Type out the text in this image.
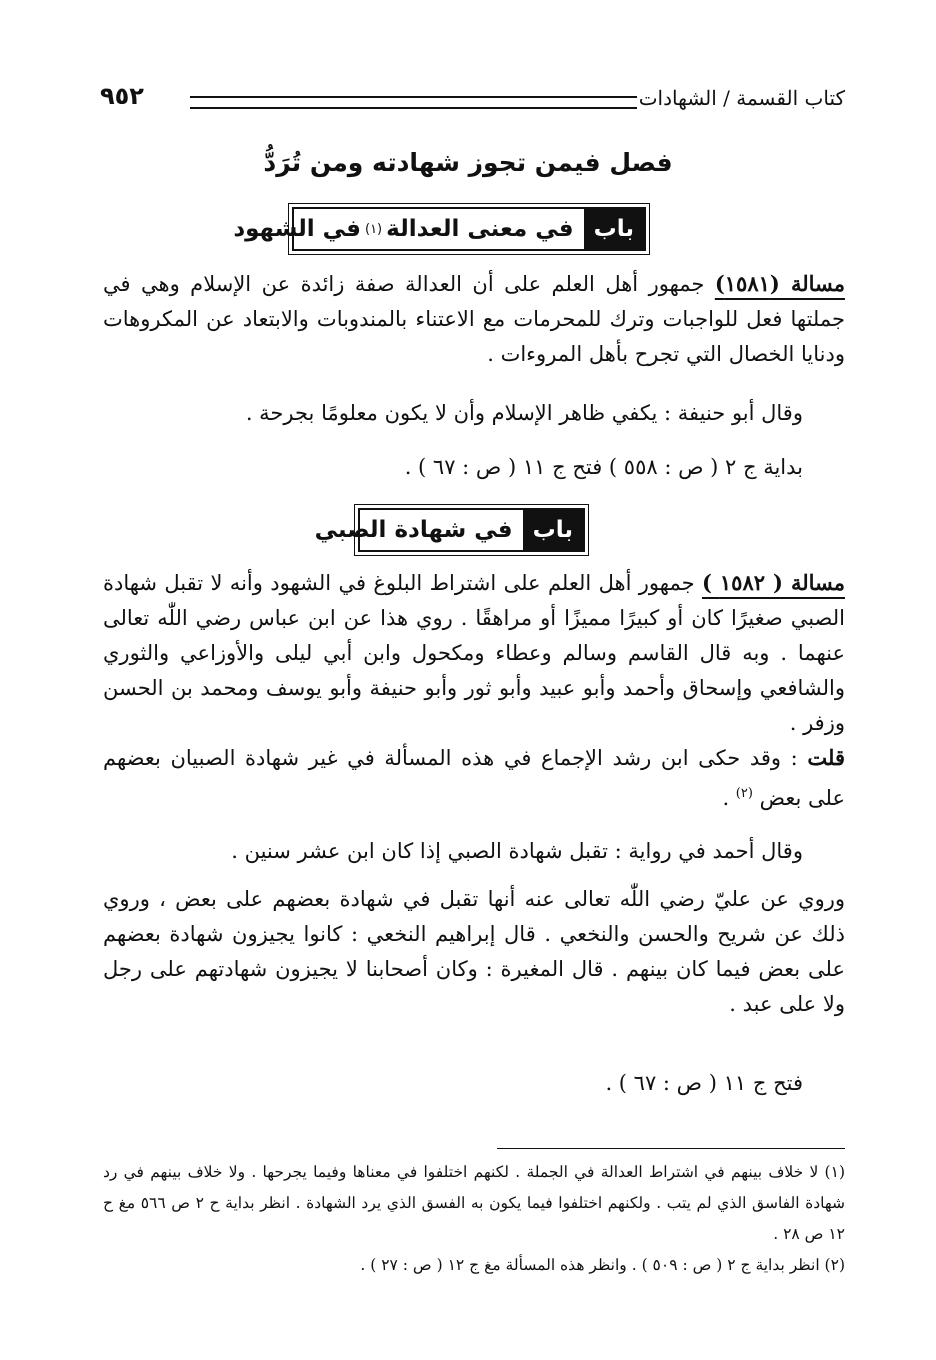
كتاب القسمة / الشهادات
٩٥٢
فصل فيمن تجوز شهادته ومن تُرَدُّ
باب
في معنى العدالة
(١)
في الشهود

مسالة (١٥٨١) جمهور أهل العلم على أن العدالة صفة زائدة عن الإسلام وهي في جملتها فعل للواجبات وترك للمحرمات مع الاعتناء بالمندوبات والابتعاد عن المكروهات ودنايا الخصال التي تجرح بأهل المروءات .

وقال أبو حنيفة : يكفي ظاهر الإسلام وأن لا يكون معلومًا بجرحة .

بداية ج ٢ ( ص : ٥٥٨ ) فتح ج ١١ ( ص : ٦٧ ) .

باب
في شهادة الصبي

مسالة ( ١٥٨٢ ) جمهور أهل العلم على اشتراط البلوغ في الشهود وأنه لا تقبل شهادة الصبي صغيرًا كان أو كبيرًا مميزًا أو مراهقًا . روي هذا عن ابن عباس رضي اللّٰه تعالى عنهما . وبه قال القاسم وسالم وعطاء ومكحول وابن أبي ليلى والأوزاعي والثوري والشافعي وإسحاق وأحمد وأبو عبيد وأبو ثور وأبو حنيفة وأبو يوسف ومحمد بن الحسن وزفر .

قلت : وقد حكى ابن رشد الإجماع في هذه المسألة في غير شهادة الصبيان بعضهم على بعض $^{(٢)}$ .

وقال أحمد في رواية : تقبل شهادة الصبي إذا كان ابن عشر سنين .

وروي عن عليّ رضي اللّٰه تعالى عنه أنها تقبل في شهادة بعضهم على بعض ، وروي ذلك عن شريح والحسن والنخعي . قال إبراهيم النخعي : كانوا يجيزون شهادة بعضهم على بعض فيما كان بينهم . قال المغيرة : وكان أصحابنا لا يجيزون شهادتهم على رجل ولا على عبد .

فتح ج ١١ ( ص : ٦٧ ) .

(١) لا خلاف بينهم في اشتراط العدالة في الجملة . لكنهم اختلفوا في معناها وفيما يجرحها . ولا خلاف بينهم في رد شهادة الفاسق الذي لم يتب . ولكنهم اختلفوا فيما يكون به الفسق الذي يرد الشهادة . انظر بداية ح ٢ ص ٥٦٦ مغ ح ١٢ ص ٢٨ .

(٢) انظر بداية ج ٢ ( ص : ٥٠٩ ) . وانظر هذه المسألة مغ ج ١٢ ( ص : ٢٧ ) .
